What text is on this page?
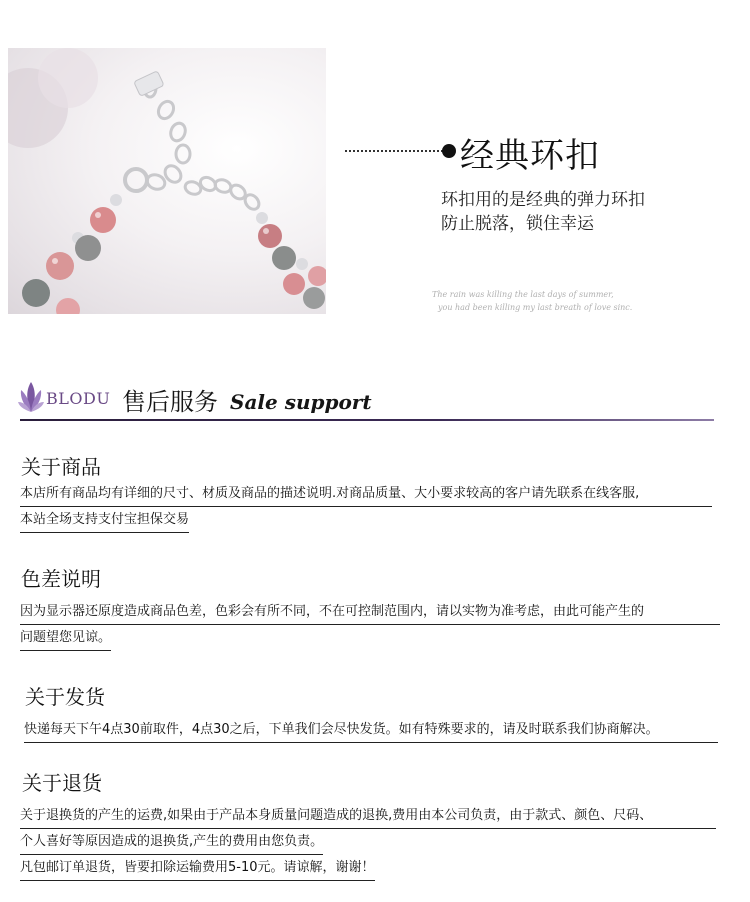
经典环扣
环扣用的是经典的弹力环扣
防止脱落，锁住幸运
The rain was killing the last days of summer,
you had been killing my last breath of love sinc.
BLODU 售后服务 Sale support
关于商品
本店所有商品均有详细的尺寸、材质及商品的描述说明.对商品质量、大小要求较高的客户请先联系在线客服,
本站全场支持支付宝担保交易
色差说明
因为显示器还原度造成商品色差，色彩会有所不同，不在可控制范围内，请以实物为准考虑，由此可能产生的
问题望您见谅。
关于发货
快递每天下午4点30前取件，4点30之后，下单我们会尽快发货。如有特殊要求的，请及时联系我们协商解决。
关于退货
关于退换货的产生的运费,如果由于产品本身质量问题造成的退换,费用由本公司负责，由于款式、颜色、尺码、
个人喜好等原因造成的退换货,产生的费用由您负责。
凡包邮订单退货，皆要扣除运输费用5-10元。请谅解，谢谢！
